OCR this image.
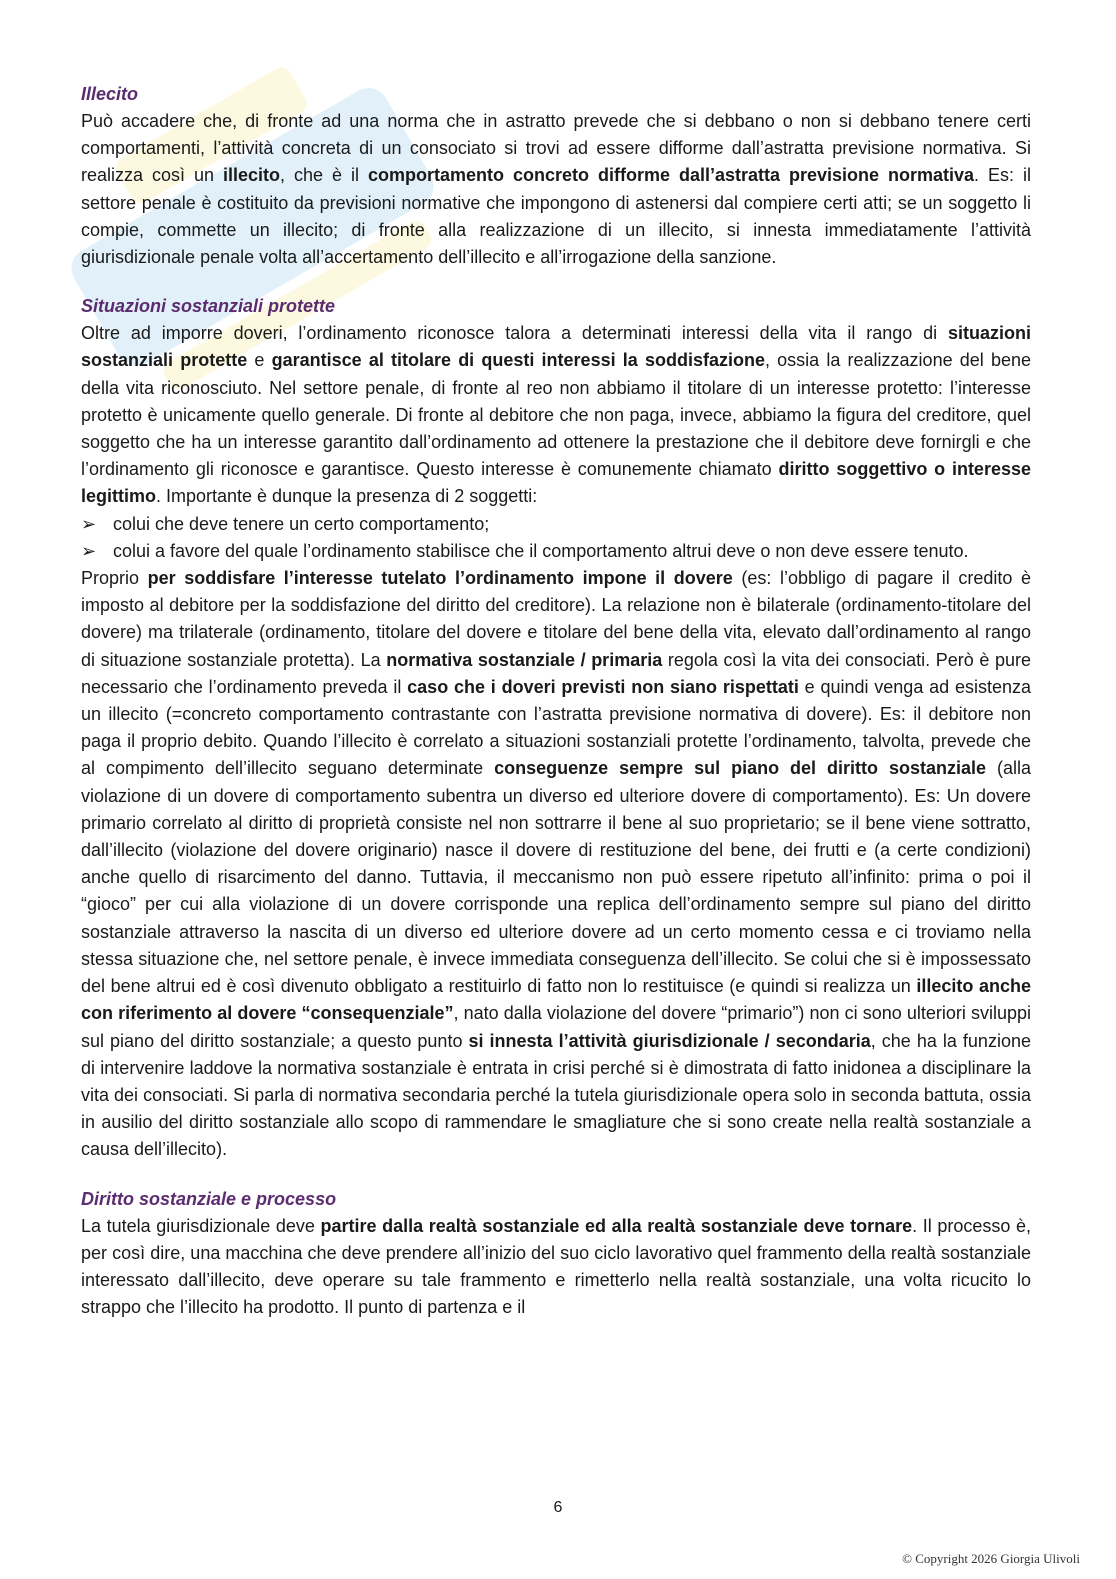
Illecito

Può accadere che, di fronte ad una norma che in astratto prevede che si debbano o non si debbano tenere certi comportamenti, l’attività concreta di un consociato si trovi ad essere difforme dall’astratta previsione normativa. Si realizza così un illecito, che è il comportamento concreto difforme dall’astratta previsione normativa. Es: il settore penale è costituito da previsioni normative che impongono di astenersi dal compiere certi atti; se un soggetto li compie, commette un illecito; di fronte alla realizzazione di un illecito, si innesta immediatamente l’attività giurisdizionale penale volta all’accertamento dell’illecito e all’irrogazione della sanzione.

Situazioni sostanziali protette

Oltre ad imporre doveri, l’ordinamento riconosce talora a determinati interessi della vita il rango di situazioni sostanziali protette e garantisce al titolare di questi interessi la soddisfazione, ossia la realizzazione del bene della vita riconosciuto. Nel settore penale, di fronte al reo non abbiamo il titolare di un interesse protetto: l’interesse protetto è unicamente quello generale. Di fronte al debitore che non paga, invece, abbiamo la figura del creditore, quel soggetto che ha un interesse garantito dall’ordinamento ad ottenere la prestazione che il debitore deve fornirgli e che l’ordinamento gli riconosce e garantisce. Questo interesse è comunemente chiamato diritto soggettivo o interesse legittimo. Importante è dunque la presenza di 2 soggetti:

➢ colui che deve tenere un certo comportamento;
➢ colui a favore del quale l’ordinamento stabilisce che il comportamento altrui deve o non deve essere tenuto.

Proprio per soddisfare l’interesse tutelato l’ordinamento impone il dovere (es: l’obbligo di pagare il credito è imposto al debitore per la soddisfazione del diritto del creditore). La relazione non è bilaterale (ordinamento-titolare del dovere) ma trilaterale (ordinamento, titolare del dovere e titolare del bene della vita, elevato dall’ordinamento al rango di situazione sostanziale protetta). La normativa sostanziale / primaria regola così la vita dei consociati. Però è pure necessario che l’ordinamento preveda il caso che i doveri previsti non siano rispettati e quindi venga ad esistenza un illecito (=concreto comportamento contrastante con l’astratta previsione normativa di dovere). Es: il debitore non paga il proprio debito. Quando l’illecito è correlato a situazioni sostanziali protette l’ordinamento, talvolta, prevede che al compimento dell’illecito seguano determinate conseguenze sempre sul piano del diritto sostanziale (alla violazione di un dovere di comportamento subentra un diverso ed ulteriore dovere di comportamento). Es: Un dovere primario correlato al diritto di proprietà consiste nel non sottrarre il bene al suo proprietario; se il bene viene sottratto, dall’illecito (violazione del dovere originario) nasce il dovere di restituzione del bene, dei frutti e (a certe condizioni) anche quello di risarcimento del danno. Tuttavia, il meccanismo non può essere ripetuto all’infinito: prima o poi il “gioco” per cui alla violazione di un dovere corrisponde una replica dell’ordinamento sempre sul piano del diritto sostanziale attraverso la nascita di un diverso ed ulteriore dovere ad un certo momento cessa e ci troviamo nella stessa situazione che, nel settore penale, è invece immediata conseguenza dell’illecito. Se colui che si è impossessato del bene altrui ed è così divenuto obbligato a restituirlo di fatto non lo restituisce (e quindi si realizza un illecito anche con riferimento al dovere “consequenziale”, nato dalla violazione del dovere “primario”) non ci sono ulteriori sviluppi sul piano del diritto sostanziale; a questo punto si innesta l’attività giurisdizionale / secondaria, che ha la funzione di intervenire laddove la normativa sostanziale è entrata in crisi perché si è dimostrata di fatto inidonea a disciplinare la vita dei consociati. Si parla di normativa secondaria perché la tutela giurisdizionale opera solo in seconda battuta, ossia in ausilio del diritto sostanziale allo scopo di rammendare le smagliature che si sono create nella realtà sostanziale a causa dell’illecito).

Diritto sostanziale e processo

La tutela giurisdizionale deve partire dalla realtà sostanziale ed alla realtà sostanziale deve tornare. Il processo è, per così dire, una macchina che deve prendere all’inizio del suo ciclo lavorativo quel frammento della realtà sostanziale interessato dall’illecito, deve operare su tale frammento e rimetterlo nella realtà sostanziale, una volta ricucito lo strappo che l’illecito ha prodotto. Il punto di partenza e il

6
© Copyright 2026 Giorgia Ulivoli
